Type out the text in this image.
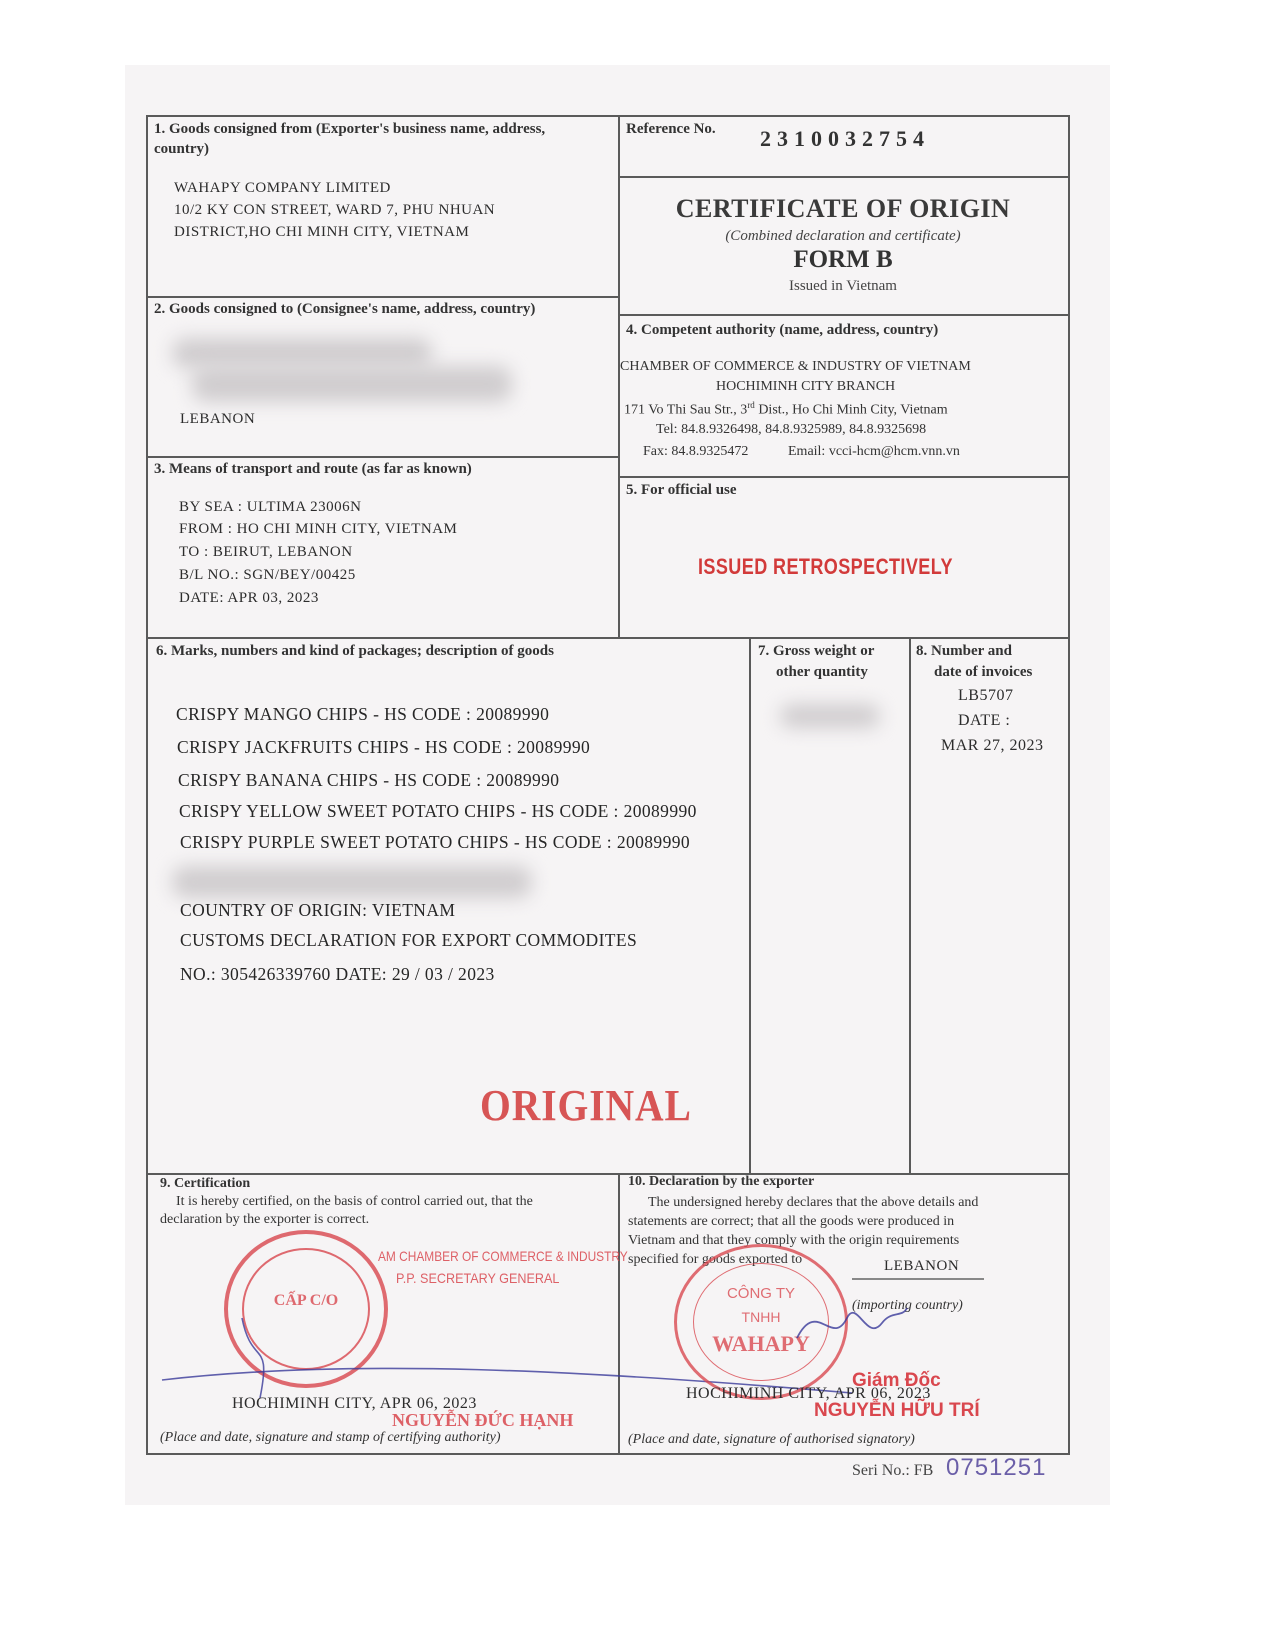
1. Goods consigned from (Exporter's business name, address,
country)
WAHAPY COMPANY LIMITED
10/2 KY CON STREET, WARD 7, PHU NHUAN
DISTRICT,HO CHI MINH CITY, VIETNAM
Reference No. 2310032754
CERTIFICATE OF ORIGIN
(Combined declaration and certificate)
FORM B
Issued in Vietnam
2. Goods consigned to (Consignee's name, address, country)
LEBANON
3. Means of transport and route (as far as known)
BY SEA : ULTIMA 23006N
FROM : HO CHI MINH CITY, VIETNAM
TO : BEIRUT, LEBANON
B/L NO.: SGN/BEY/00425
DATE: APR 03, 2023
4. Competent authority (name, address, country)
CHAMBER OF COMMERCE & INDUSTRY OF VIETNAM
HOCHIMINH CITY BRANCH
171 Vo Thi Sau Str., 3rd Dist., Ho Chi Minh City, Vietnam
Tel: 84.8.9326498, 84.8.9325989, 84.8.9325698
Fax: 84.8.9325472	Email: vcci-hcm@hcm.vnn.vn
5. For official use
ISSUED RETROSPECTIVELY
6. Marks, numbers and kind of packages; description of goods
CRISPY MANGO CHIPS - HS CODE : 20089990
CRISPY JACKFRUITS CHIPS - HS CODE : 20089990
CRISPY BANANA CHIPS - HS CODE : 20089990
CRISPY YELLOW SWEET POTATO CHIPS - HS CODE : 20089990
CRISPY PURPLE SWEET POTATO CHIPS - HS CODE : 20089990
COUNTRY OF ORIGIN: VIETNAM
CUSTOMS DECLARATION FOR EXPORT COMMODITES
NO.: 305426339760 DATE: 29 / 03 / 2023
ORIGINAL
7. Gross weight or
other quantity
8. Number and
date of invoices
LB5707
DATE :
MAR 27, 2023
9. Certification
It is hereby certified, on the basis of control carried out, that the
declaration by the exporter is correct.
CẤP C/O
AM CHAMBER OF COMMERCE & INDUSTRY
P.P. SECRETARY GENERAL
HOCHIMINH CITY, APR 06, 2023
NGUYỄN ĐỨC HẠNH
(Place and date, signature and stamp of certifying authority)
10. Declaration by the exporter
The undersigned hereby declares that the above details and
statements are correct; that all the goods were produced in
Vietnam and that they comply with the origin requirements
specified for goods exported to	LEBANON
(importing country)
CÔNG TY
TNHH
WAHAPY
Giám Đốc
HOCHIMINH CITY, APR 06, 2023
NGUYỄN HỮU TRÍ
(Place and date, signature of authorised signatory)
Seri No.: FB 0751251
